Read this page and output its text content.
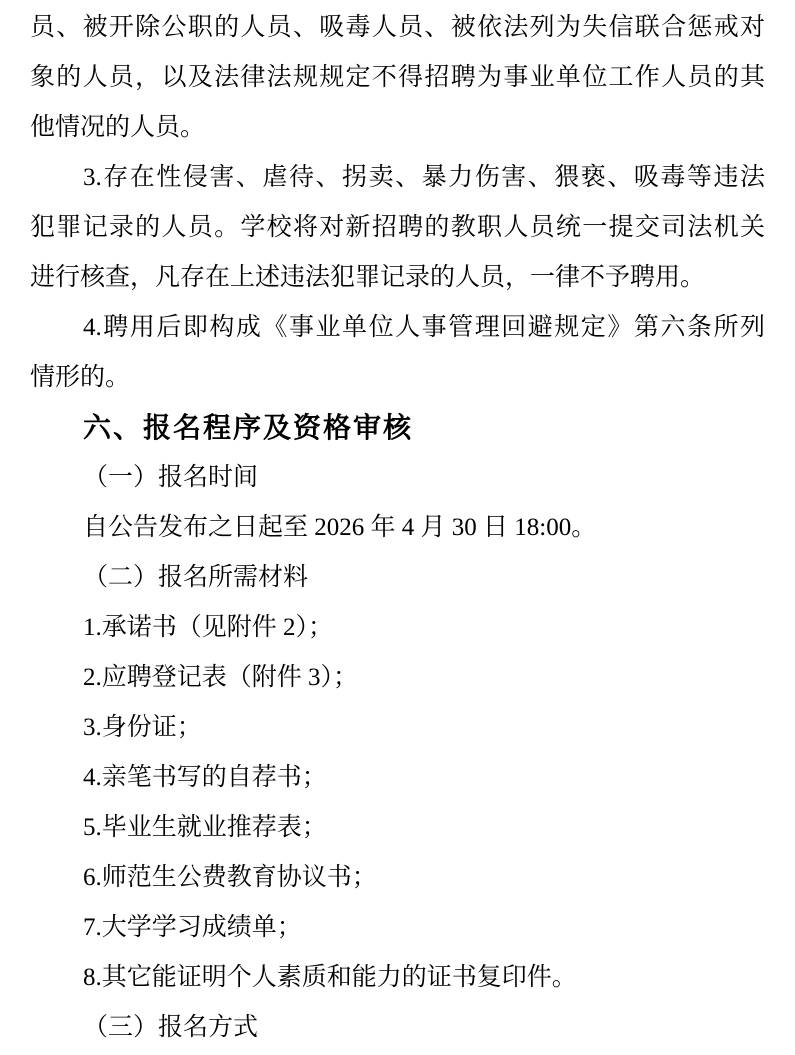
员、被开除公职的人员、吸毒人员、被依法列为失信联合惩戒对
象的人员，以及法律法规规定不得招聘为事业单位工作人员的其
他情况的人员。
3.存在性侵害、虐待、拐卖、暴力伤害、猥亵、吸毒等违法
犯罪记录的人员。学校将对新招聘的教职人员统一提交司法机关
进行核查，凡存在上述违法犯罪记录的人员，一律不予聘用。
4.聘用后即构成《事业单位人事管理回避规定》第六条所列
情形的。
六、报名程序及资格审核
（一）报名时间
自公告发布之日起至 2026 年 4 月 30 日 18:00。
（二）报名所需材料
1.承诺书（见附件 2）；
2.应聘登记表（附件 3）；
3.身份证；
4.亲笔书写的自荐书；
5.毕业生就业推荐表；
6.师范生公费教育协议书；
7.大学学习成绩单；
8.其它能证明个人素质和能力的证书复印件。
（三）报名方式
